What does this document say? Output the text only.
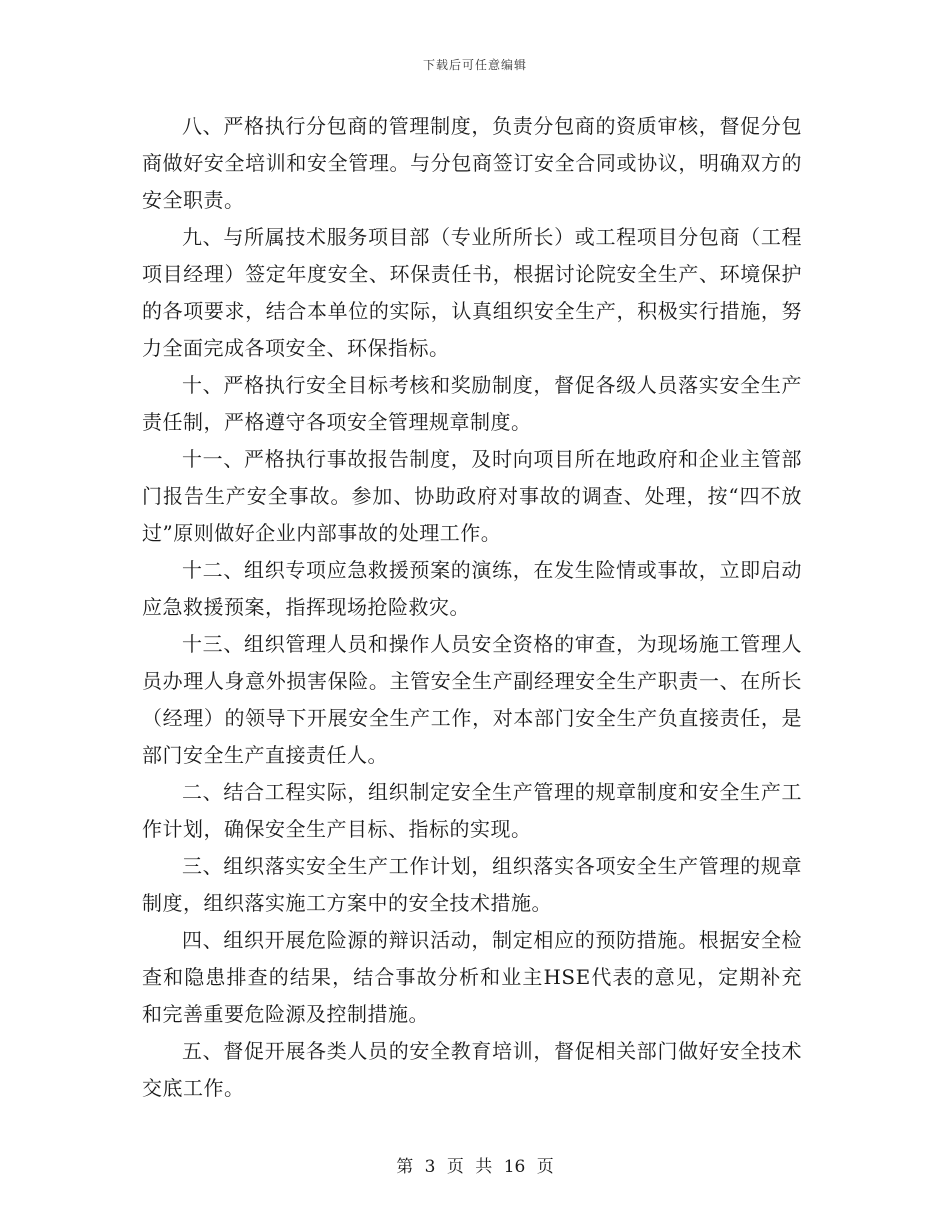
下载后可任意编辑

八、严格执行分包商的管理制度，负责分包商的资质审核，督促分包商做好安全培训和安全管理。与分包商签订安全合同或协议，明确双方的安全职责。

九、与所属技术服务项目部（专业所所长）或工程项目分包商（工程项目经理）签定年度安全、环保责任书，根据讨论院安全生产、环境保护的各项要求，结合本单位的实际，认真组织安全生产，积极实行措施，努力全面完成各项安全、环保指标。

十、严格执行安全目标考核和奖励制度，督促各级人员落实安全生产责任制，严格遵守各项安全管理规章制度。

十一、严格执行事故报告制度，及时向项目所在地政府和企业主管部门报告生产安全事故。参加、协助政府对事故的调查、处理，按“四不放过”原则做好企业内部事故的处理工作。

十二、组织专项应急救援预案的演练，在发生险情或事故，立即启动应急救援预案，指挥现场抢险救灾。

十三、组织管理人员和操作人员安全资格的审查，为现场施工管理人员办理人身意外损害保险。主管安全生产副经理安全生产职责一、在所长（经理）的领导下开展安全生产工作，对本部门安全生产负直接责任，是部门安全生产直接责任人。

二、结合工程实际，组织制定安全生产管理的规章制度和安全生产工作计划，确保安全生产目标、指标的实现。

三、组织落实安全生产工作计划，组织落实各项安全生产管理的规章制度，组织落实施工方案中的安全技术措施。

四、组织开展危险源的辩识活动，制定相应的预防措施。根据安全检查和隐患排查的结果，结合事故分析和业主HSE代表的意见，定期补充和完善重要危险源及控制措施。

五、督促开展各类人员的安全教育培训，督促相关部门做好安全技术交底工作。

第 3 页 共 16 页
